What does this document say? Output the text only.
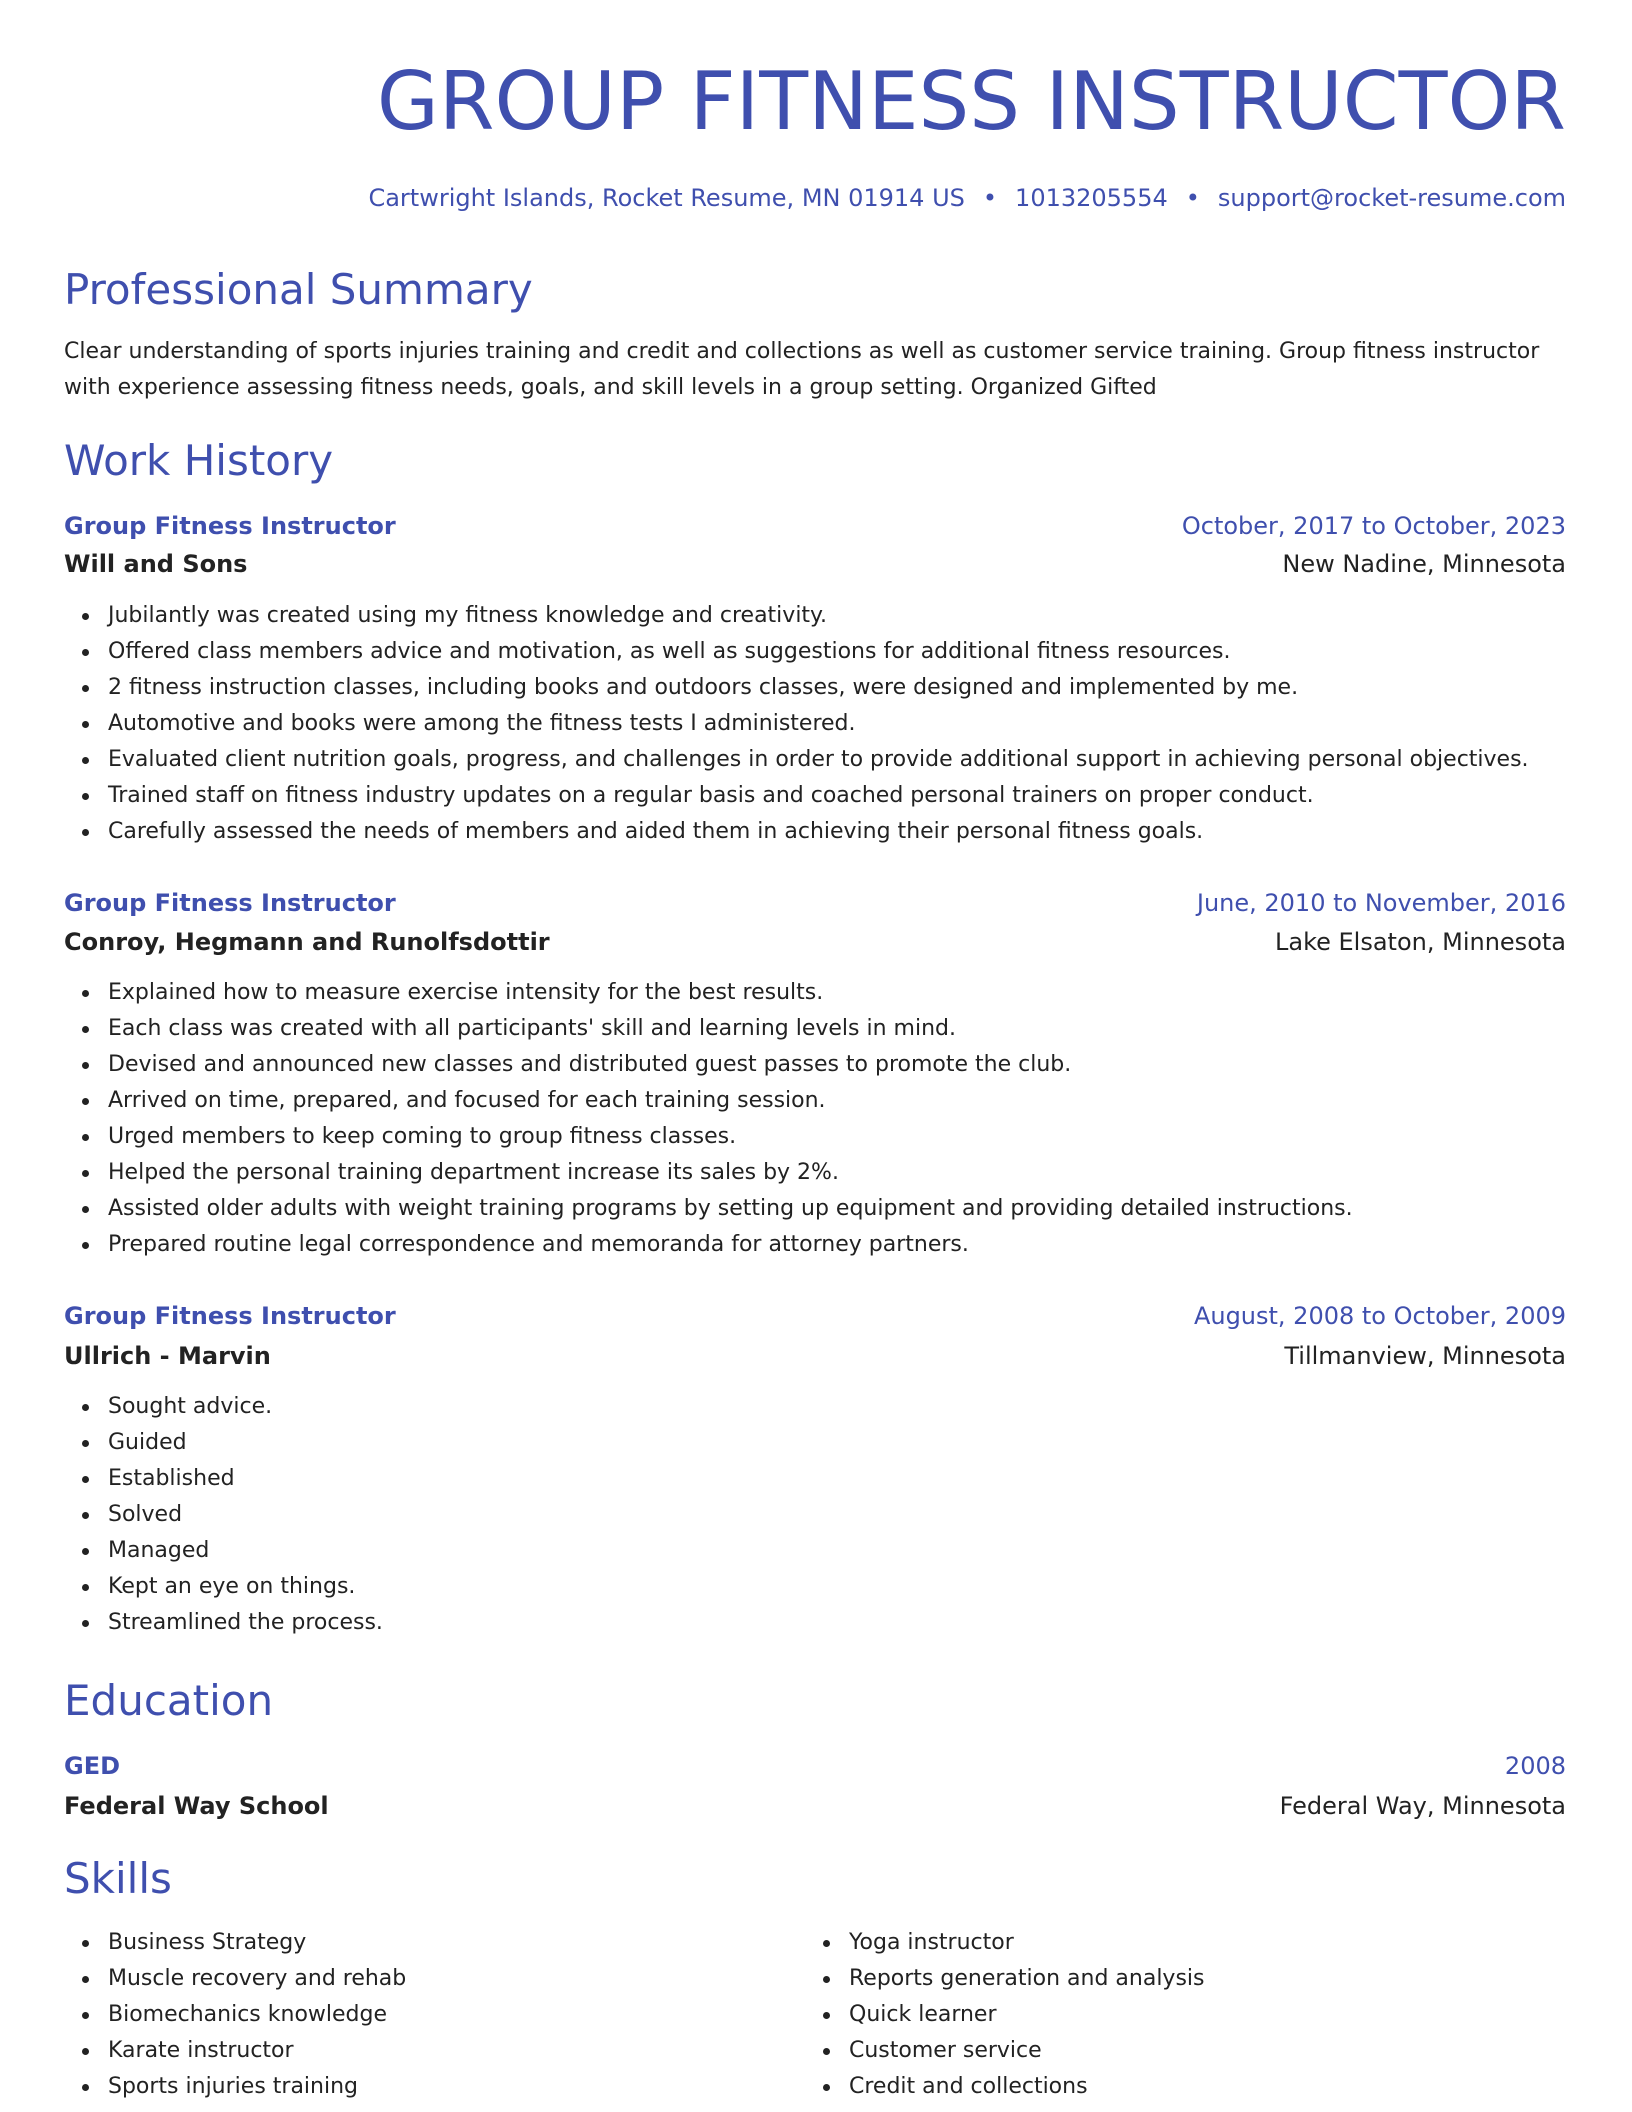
GROUP FITNESS INSTRUCTOR
Cartwright Islands, Rocket Resume, MN 01914 US • 1013205554 • support@rocket-resume.com
Professional Summary
Clear understanding of sports injuries training and credit and collections as well as customer service training. Group fitness instructor with experience assessing fitness needs, goals, and skill levels in a group setting. Organized Gifted
Work History
Group Fitness Instructor	October, 2017 to October, 2023
Will and Sons	New Nadine, Minnesota
Jubilantly was created using my fitness knowledge and creativity.
Offered class members advice and motivation, as well as suggestions for additional fitness resources.
2 fitness instruction classes, including books and outdoors classes, were designed and implemented by me.
Automotive and books were among the fitness tests I administered.
Evaluated client nutrition goals, progress, and challenges in order to provide additional support in achieving personal objectives.
Trained staff on fitness industry updates on a regular basis and coached personal trainers on proper conduct.
Carefully assessed the needs of members and aided them in achieving their personal fitness goals.
Group Fitness Instructor	June, 2010 to November, 2016
Conroy, Hegmann and Runolfsdottir	Lake Elsaton, Minnesota
Explained how to measure exercise intensity for the best results.
Each class was created with all participants' skill and learning levels in mind.
Devised and announced new classes and distributed guest passes to promote the club.
Arrived on time, prepared, and focused for each training session.
Urged members to keep coming to group fitness classes.
Helped the personal training department increase its sales by 2%.
Assisted older adults with weight training programs by setting up equipment and providing detailed instructions.
Prepared routine legal correspondence and memoranda for attorney partners.
Group Fitness Instructor	August, 2008 to October, 2009
Ullrich - Marvin	Tillmanview, Minnesota
Sought advice.
Guided
Established
Solved
Managed
Kept an eye on things.
Streamlined the process.
Education
GED	2008
Federal Way School	Federal Way, Minnesota
Skills
Business Strategy
Muscle recovery and rehab
Biomechanics knowledge
Karate instructor
Sports injuries training
Yoga instructor
Reports generation and analysis
Quick learner
Customer service
Credit and collections
